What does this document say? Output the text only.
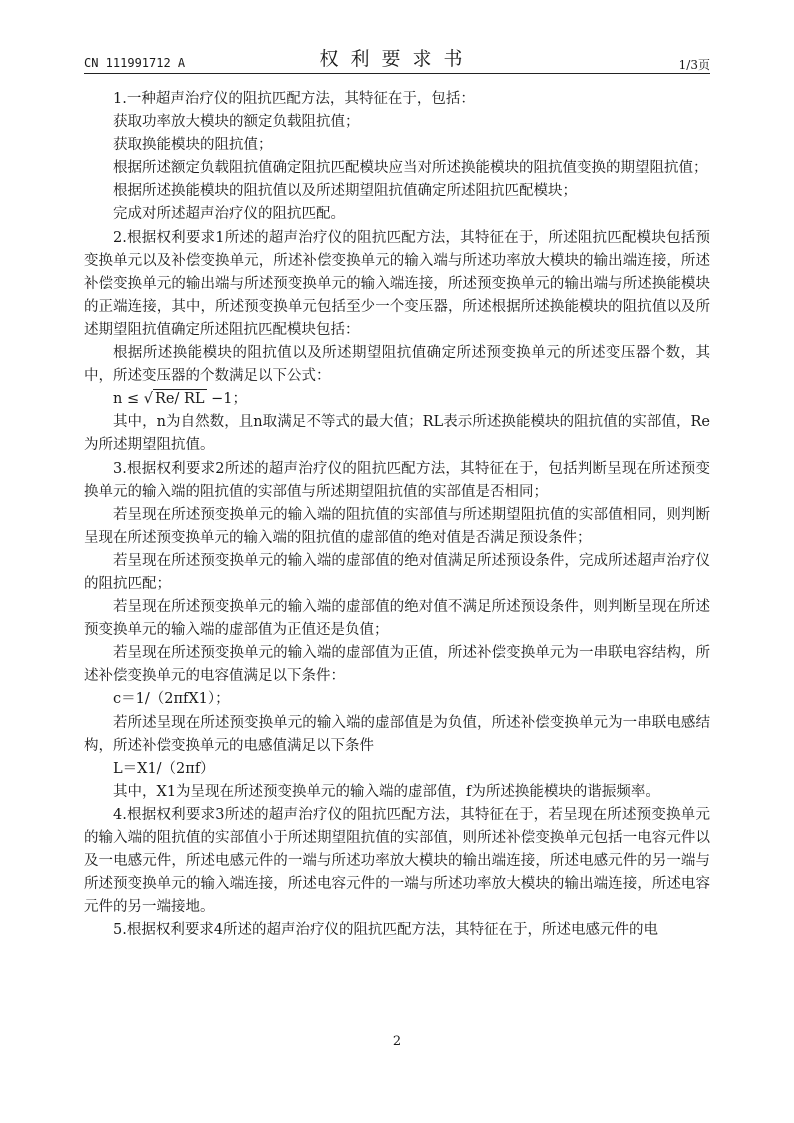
CN 111991712 A	权利要求书	1/3页

1.一种超声治疗仪的阻抗匹配方法，其特征在于，包括：

获取功率放大模块的额定负载阻抗值；

获取换能模块的阻抗值；

根据所述额定负载阻抗值确定阻抗匹配模块应当对所述换能模块的阻抗值变换的期望阻抗值；

根据所述换能模块的阻抗值以及所述期望阻抗值确定所述阻抗匹配模块；

完成对所述超声治疗仪的阻抗匹配。

2.根据权利要求1所述的超声治疗仪的阻抗匹配方法，其特征在于，所述阻抗匹配模块包括预变换单元以及补偿变换单元，所述补偿变换单元的输入端与所述功率放大模块的输出端连接，所述补偿变换单元的输出端与所述预变换单元的输入端连接，所述预变换单元的输出端与所述换能模块的正端连接，其中，所述预变换单元包括至少一个变压器，所述根据所述换能模块的阻抗值以及所述期望阻抗值确定所述阻抗匹配模块包括：

根据所述换能模块的阻抗值以及所述期望阻抗值确定所述预变换单元的所述变压器个数，其中，所述变压器的个数满足以下公式：

n ≤ √ Re/ RL −1；

其中，n为自然数，且n取满足不等式的最大值；RL表示所述换能模块的阻抗值的实部值，Re为所述期望阻抗值。

3.根据权利要求2所述的超声治疗仪的阻抗匹配方法，其特征在于，包括判断呈现在所述预变换单元的输入端的阻抗值的实部值与所述期望阻抗值的实部值是否相同；

若呈现在所述预变换单元的输入端的阻抗值的实部值与所述期望阻抗值的实部值相同，则判断呈现在所述预变换单元的输入端的阻抗值的虚部值的绝对值是否满足预设条件；

若呈现在所述预变换单元的输入端的虚部值的绝对值满足所述预设条件，完成所述超声治疗仪的阻抗匹配；

若呈现在所述预变换单元的输入端的虚部值的绝对值不满足所述预设条件，则判断呈现在所述预变换单元的输入端的虚部值为正值还是负值；

若呈现在所述预变换单元的输入端的虚部值为正值，所述补偿变换单元为一串联电容结构，所述补偿变换单元的电容值满足以下条件：

c＝1/（2πfX1）；

若所述呈现在所述预变换单元的输入端的虚部值是为负值，所述补偿变换单元为一串联电感结构，所述补偿变换单元的电感值满足以下条件

L＝X1/（2πf）

其中，X1为呈现在所述预变换单元的输入端的虚部值，f为所述换能模块的谐振频率。

4.根据权利要求3所述的超声治疗仪的阻抗匹配方法，其特征在于，若呈现在所述预变换单元的输入端的阻抗值的实部值小于所述期望阻抗值的实部值，则所述补偿变换单元包括一电容元件以及一电感元件，所述电感元件的一端与所述功率放大模块的输出端连接，所述电感元件的另一端与所述预变换单元的输入端连接，所述电容元件的一端与所述功率放大模块的输出端连接，所述电容元件的另一端接地。

5.根据权利要求4所述的超声治疗仪的阻抗匹配方法，其特征在于，所述电感元件的电

2
